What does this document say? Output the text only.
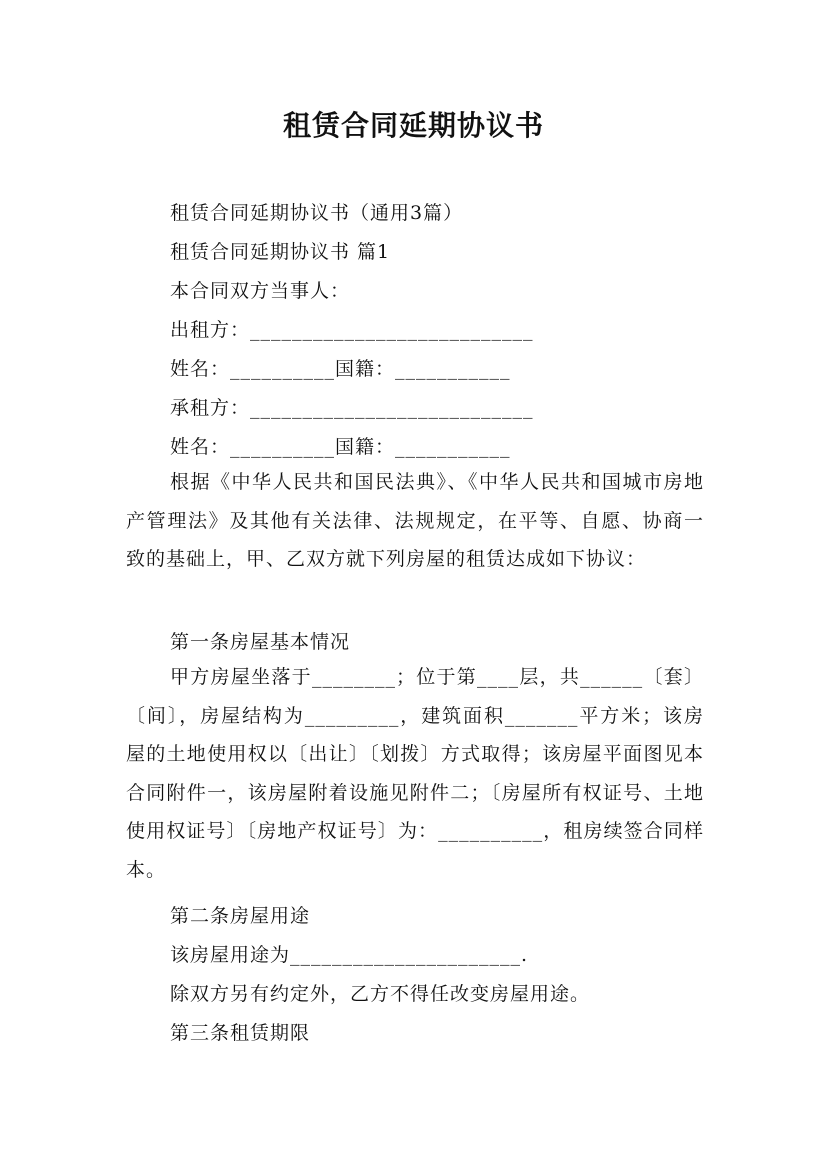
租赁合同延期协议书
租赁合同延期协议书（通用3篇）
租赁合同延期协议书 篇1
本合同双方当事人：
出租方：___________________________
姓名：__________国籍：___________
承租方：___________________________
姓名：__________国籍：___________
根据《中华人民共和国民法典》、《中华人民共和国城市房地产管理法》及其他有关法律、法规规定，在平等、自愿、协商一致的基础上，甲、乙双方就下列房屋的租赁达成如下协议：
第一条房屋基本情况
甲方房屋坐落于________；位于第____层，共______〔套〕〔间〕，房屋结构为_________，建筑面积_______平方米；该房屋的土地使用权以〔出让〕〔划拨〕方式取得；该房屋平面图见本合同附件一，该房屋附着设施见附件二；〔房屋所有权证号、土地使用权证号〕〔房地产权证号〕为：__________，租房续签合同样本。
第二条房屋用途
该房屋用途为______________________.
除双方另有约定外，乙方不得任改变房屋用途。
第三条租赁期限
